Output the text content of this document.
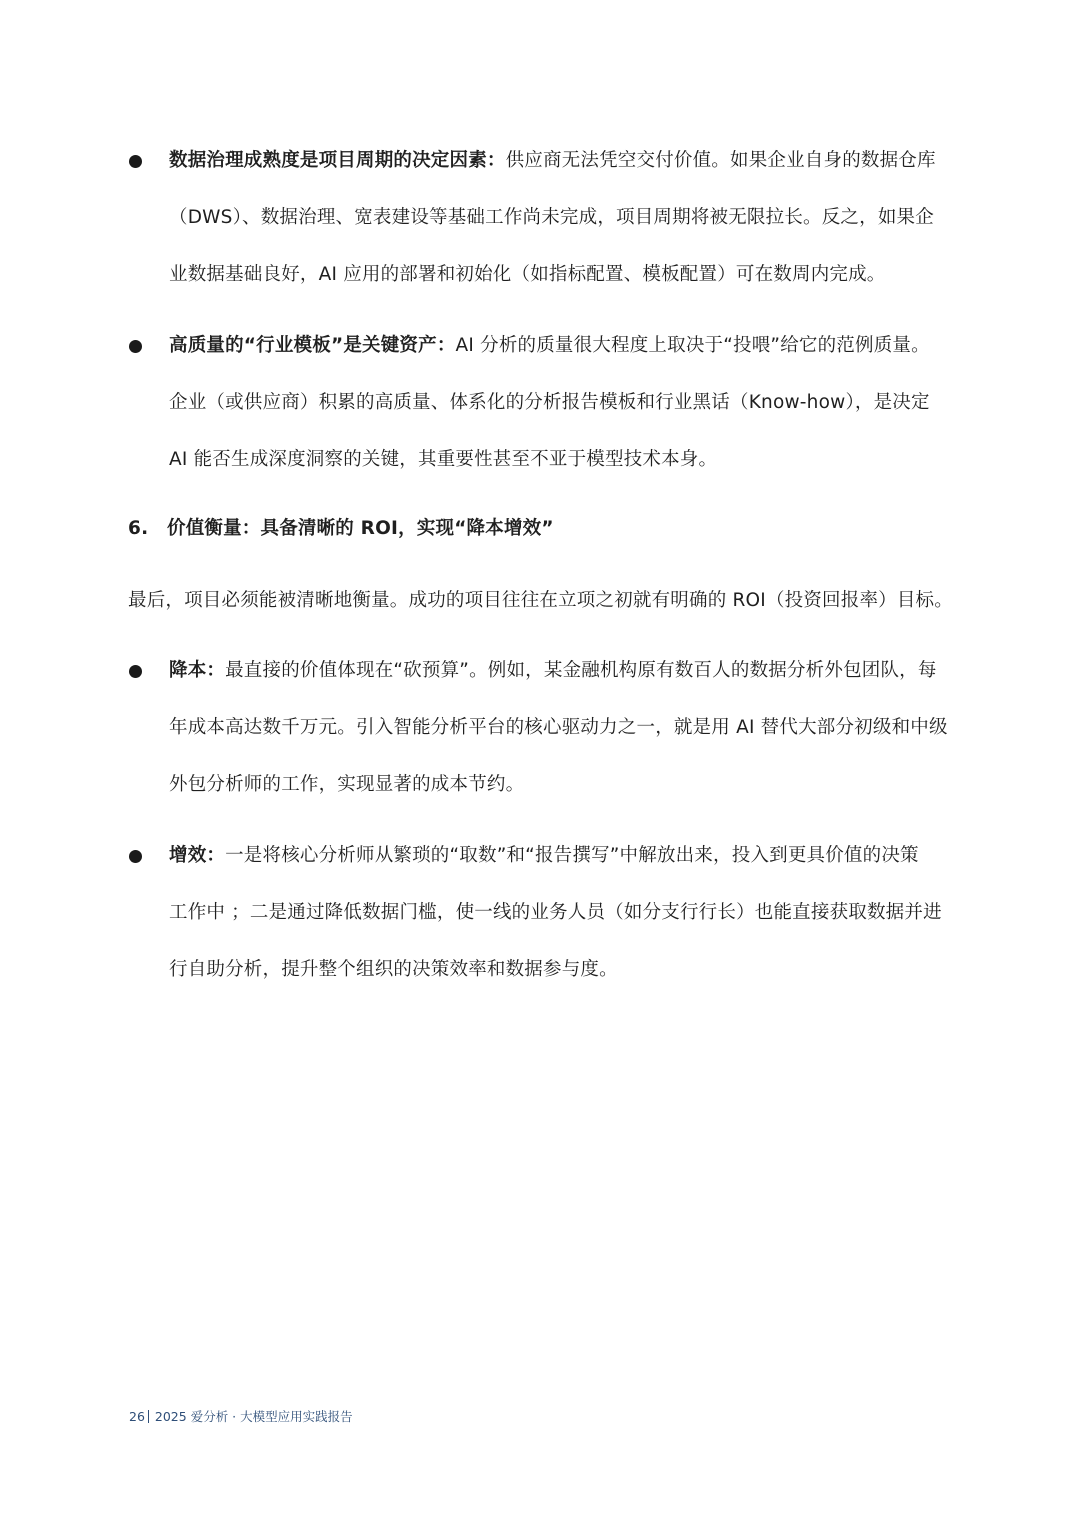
数据治理成熟度是项目周期的决定因素：供应商无法凭空交付价值。如果企业自身的数据仓库
（DWS）、数据治理、宽表建设等基础工作尚未完成，项目周期将被无限拉长。反之，如果企
业数据基础良好，AI 应用的部署和初始化（如指标配置、模板配置）可在数周内完成。
高质量的“行业模板”是关键资产：AI 分析的质量很大程度上取决于“投喂”给它的范例质量。
企业（或供应商）积累的高质量、体系化的分析报告模板和行业黑话（Know-how），是决定
AI 能否生成深度洞察的关键，其重要性甚至不亚于模型技术本身。
6. 价值衡量：具备清晰的 ROI，实现“降本增效”
最后，项目必须能被清晰地衡量。成功的项目往往在立项之初就有明确的 ROI（投资回报率）目标。
降本：最直接的价值体现在“砍预算”。例如，某金融机构原有数百人的数据分析外包团队，每
年成本高达数千万元。引入智能分析平台的核心驱动力之一，就是用 AI 替代大部分初级和中级
外包分析师的工作，实现显著的成本节约。
增效：一是将核心分析师从繁琐的“取数”和“报告撰写”中解放出来，投入到更具价值的决策
工作中 ；二是通过降低数据门槛，使一线的业务人员（如分支行行长）也能直接获取数据并进
行自助分析，提升整个组织的决策效率和数据参与度。
26 2025 爱分析 · 大模型应用实践报告
